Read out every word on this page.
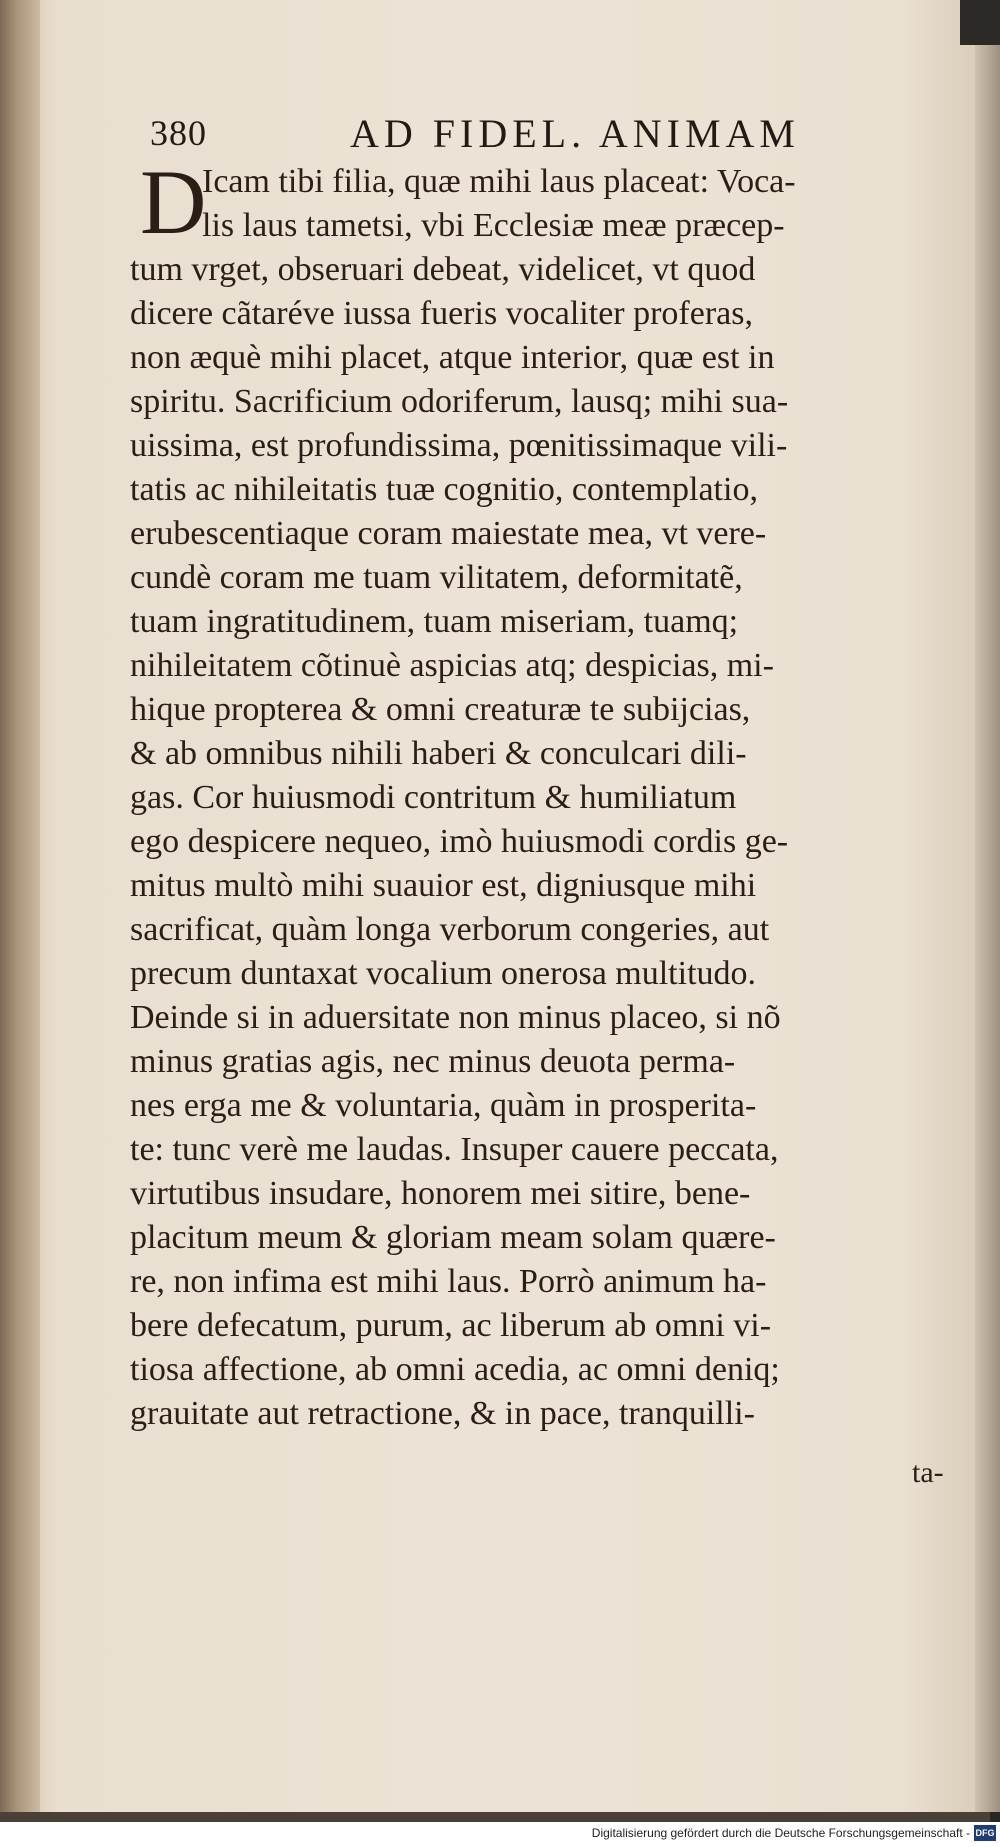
380	AD FIDEL. ANIMAM
D
Icam tibi filia, quæ mihi laus placeat: Voca-
lis laus tametsi, vbi Ecclesiæ meæ præcep-
tum vrget, obseruari debeat, videlicet, vt quod
dicere cãtaréve iussa fueris vocaliter proferas,
non æquè mihi placet, atque interior, quæ est in
spiritu. Sacrificium odoriferum, lausq; mihi sua-
uissima, est profundissima, pœnitissimaque vili-
tatis ac nihileitatis tuæ cognitio, contemplatio,
erubescentiaque coram maiestate mea, vt vere-
cundè coram me tuam vilitatem, deformitatẽ,
tuam ingratitudinem, tuam miseriam, tuamq;
nihileitatem cõtinuè aspicias atq; despicias, mi-
hique propterea & omni creaturæ te subijcias,
& ab omnibus nihili haberi & conculcari dili-
gas. Cor huiusmodi contritum & humiliatum
ego despicere nequeo, imò huiusmodi cordis ge-
mitus multò mihi suauior est, digniusque mihi
sacrificat, quàm longa verborum congeries, aut
precum duntaxat vocalium onerosa multitudo.
Deinde si in aduersitate non minus placeo, si nõ
minus gratias agis, nec minus deuota perma-
nes erga me & voluntaria, quàm in prosperita-
te: tunc verè me laudas. Insuper cauere peccata,
virtutibus insudare, honorem mei sitire, bene-
placitum meum & gloriam meam solam quære-
re, non infima est mihi laus. Porrò animum ha-
bere defecatum, purum, ac liberum ab omni vi-
tiosa affectione, ab omni acedia, ac omni deniq;
grauitate aut retractione, & in pace, tranquilli-
ta-
Digitalisierung gefördert durch die Deutsche Forschungsgemeinschaft - DFG
